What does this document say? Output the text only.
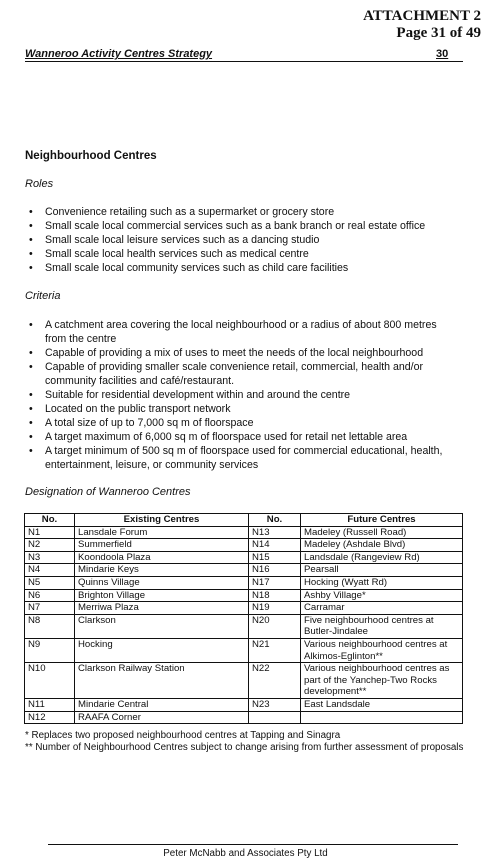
ATTACHMENT 2
Page 31 of 49
Wanneroo Activity Centres Strategy	30
Neighbourhood Centres
Roles
• Convenience retailing such as a supermarket or grocery store
• Small scale local commercial services such as a bank branch or real estate office
• Small scale local leisure services such as a dancing studio
• Small scale local health services such as medical centre
• Small scale local community services such as child care facilities
Criteria
• A catchment area covering the local neighbourhood or a radius of about 800 metres from the centre
• Capable of providing a mix of uses to meet the needs of the local neighbourhood
• Capable of providing smaller scale convenience retail, commercial, health and/or community facilities and café/restaurant.
• Suitable for residential development within and around the centre
• Located on the public transport network
• A total size of up to 7,000 sq m of floorspace
• A target maximum of 6,000 sq m of floorspace used for retail net lettable area
• A target minimum of 500 sq m of floorspace used for commercial educational, health, entertainment, leisure, or community services
Designation of Wanneroo Centres
No.	Existing Centres	No.	Future Centres
N1	Lansdale Forum	N13	Madeley (Russell Road)
N2	Summerfield	N14	Madeley (Ashdale Blvd)
N3	Koondoola Plaza	N15	Landsdale (Rangeview Rd)
N4	Mindarie Keys	N16	Pearsall
N5	Quinns Village	N17	Hocking (Wyatt Rd)
N6	Brighton Village	N18	Ashby Village*
N7	Merriwa Plaza	N19	Carramar
N8	Clarkson	N20	Five neighbourhood centres at Butler-Jindalee
N9	Hocking	N21	Various neighbourhood centres at Alkimos-Eglinton**
N10	Clarkson Railway Station	N22	Various neighbourhood centres as part of the Yanchep-Two Rocks development**
N11	Mindarie Central	N23	East Landsdale
N12	RAAFA Corner		
* Replaces two proposed neighbourhood centres at Tapping and Sinagra
** Number of Neighbourhood Centres subject to change arising from further assessment of proposals
Peter McNabb and Associates Pty Ltd
